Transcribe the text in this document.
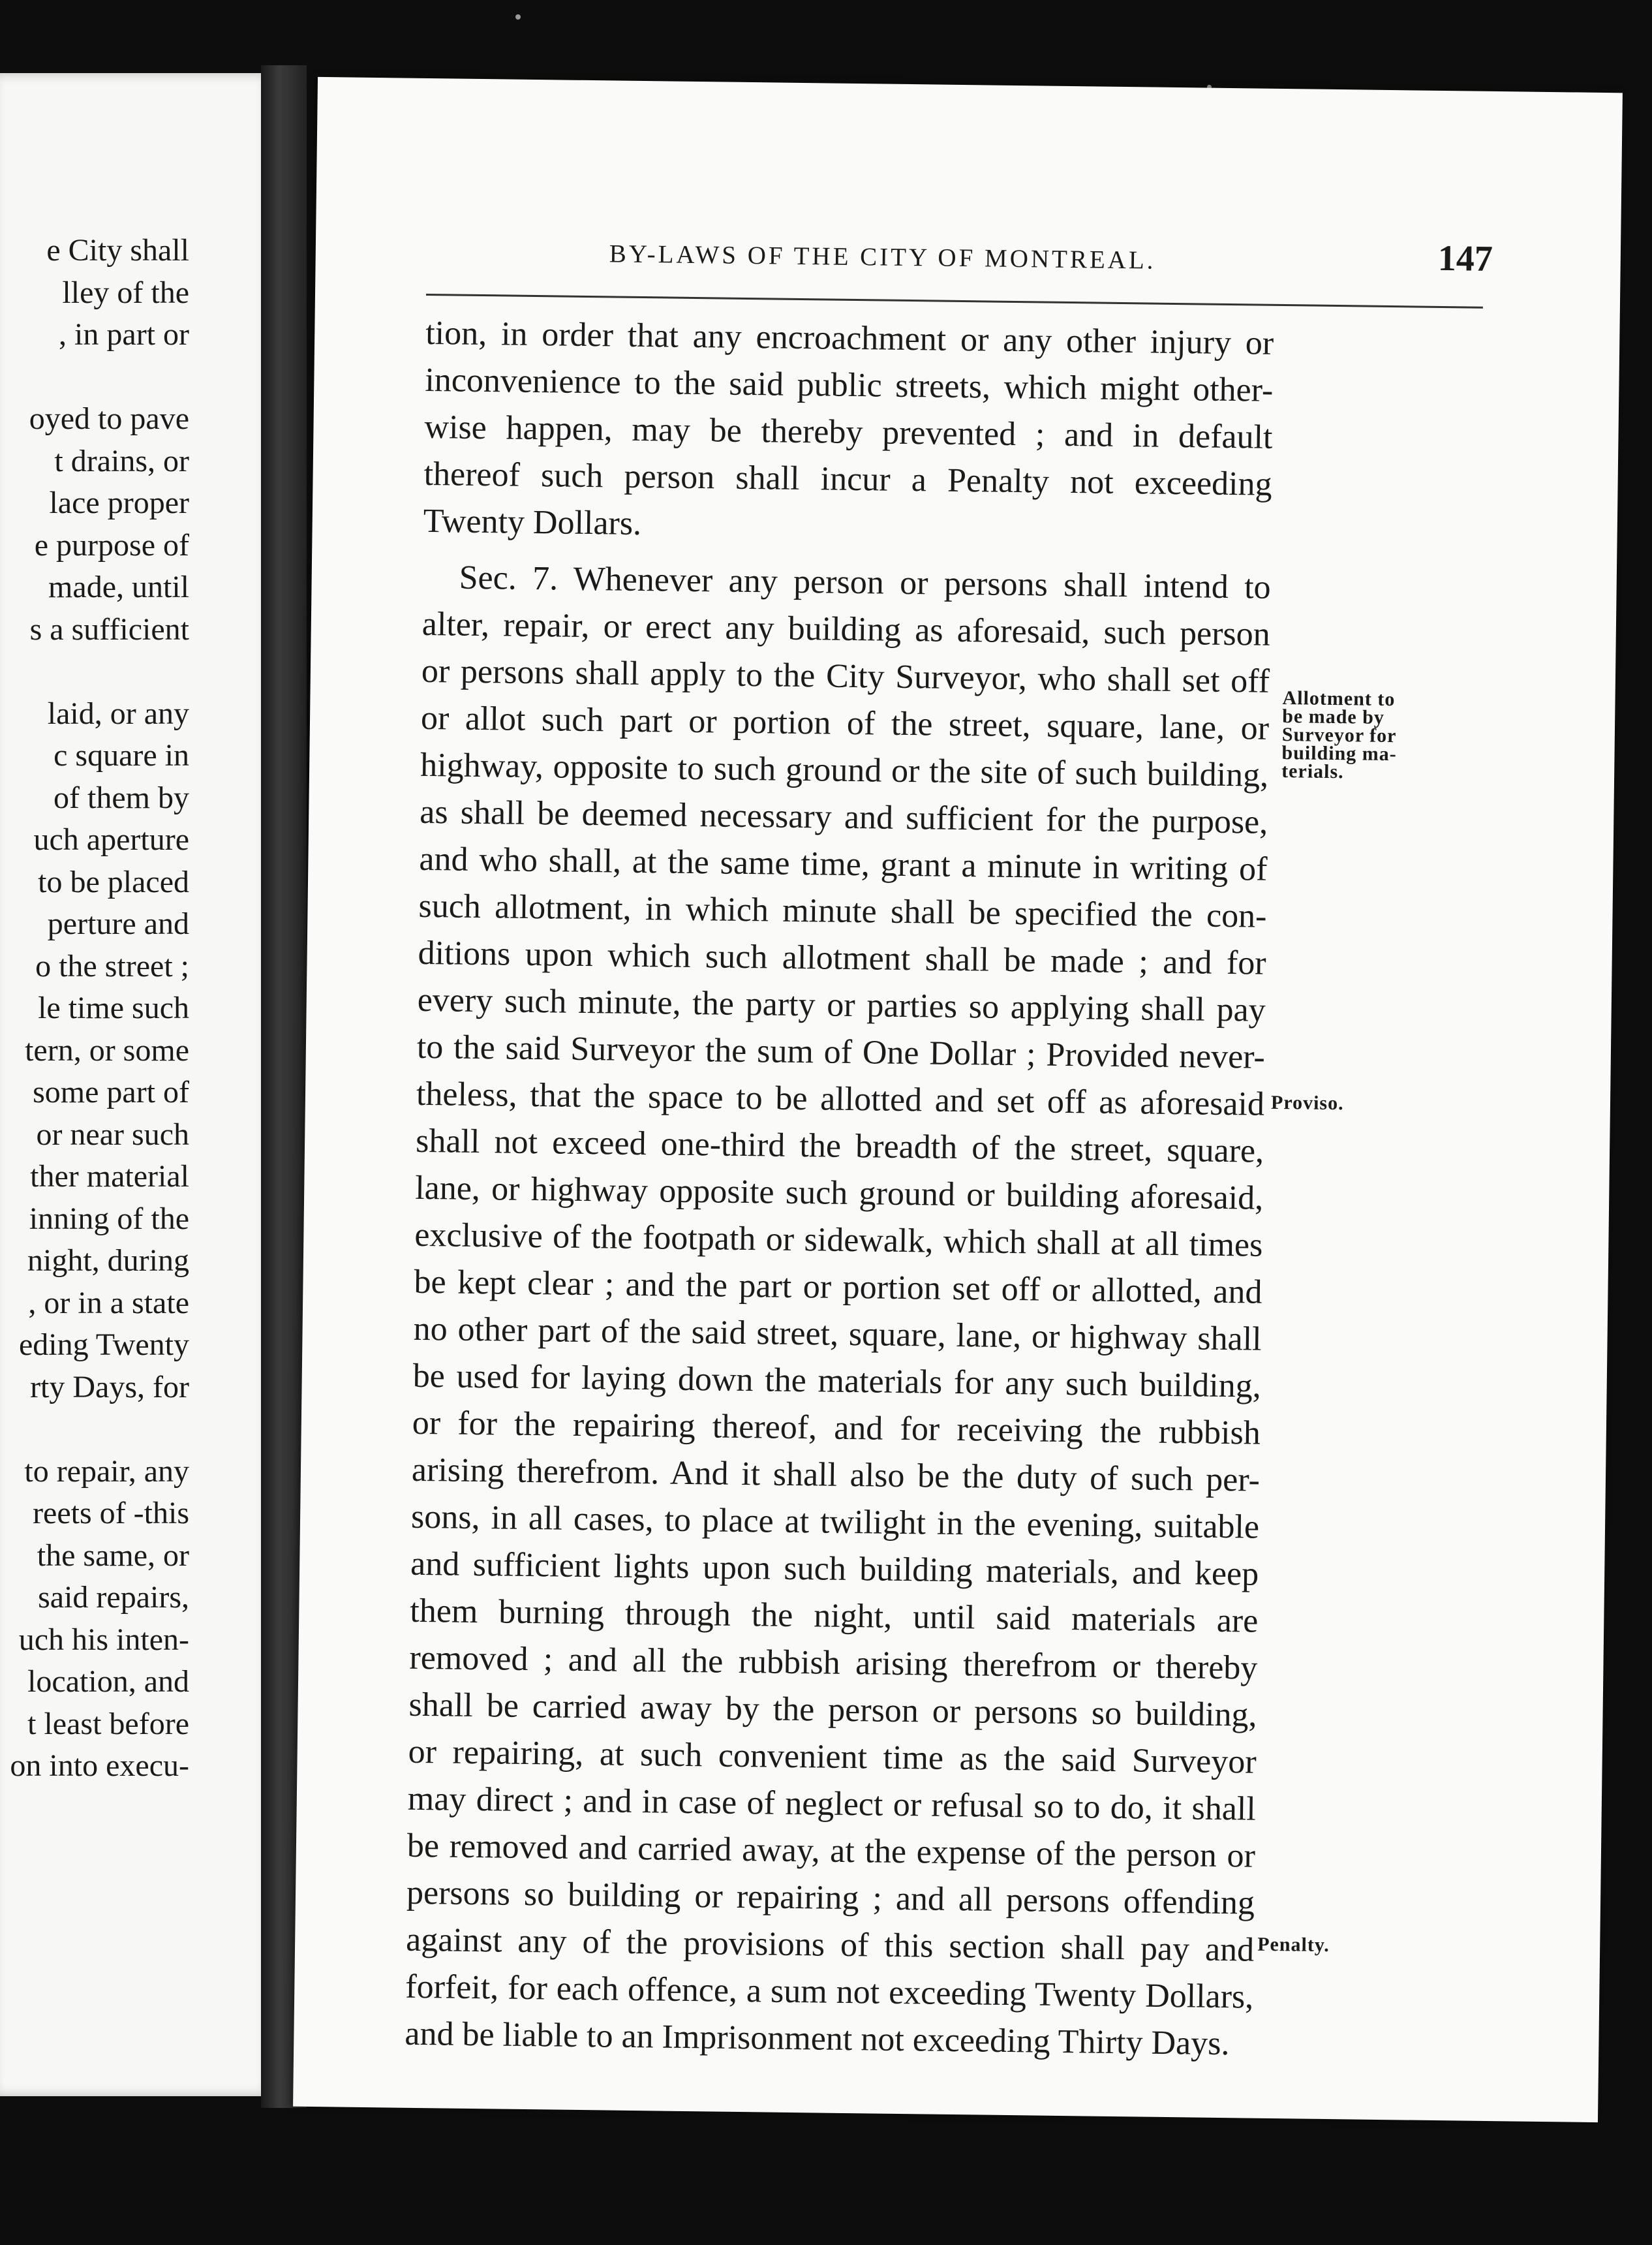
e City shall
lley of the
, in part or
oyed to pave
t drains, or
lace proper
e purpose of
made, until
s a sufficient
laid, or any
c square in
of them by
uch aperture
to be placed
perture and
o the street ;
le time such
tern, or some
some part of
or near such
ther material
inning of the
night, during
, or in a state
eding Twenty
rty Days, for
to repair, any
reets of -this
the same, or
said repairs,
uch his inten-
location, and
t least before
on into execu-
BY-LAWS OF THE CITY OF MONTREAL.	147
tion, in order that any encroachment or any other injury or
inconvenience to the said public streets, which might other-
wise happen, may be thereby prevented ; and in default
thereof such person shall incur a Penalty not exceeding
Twenty Dollars.
Sec. 7. Whenever any person or persons shall intend to
alter, repair, or erect any building as aforesaid, such person
or persons shall apply to the City Surveyor, who shall set off
or allot such part or portion of the street, square, lane, or
highway, opposite to such ground or the site of such building,
as shall be deemed necessary and sufficient for the purpose,
and who shall, at the same time, grant a minute in writing of
such allotment, in which minute shall be specified the con-
ditions upon which such allotment shall be made ; and for
every such minute, the party or parties so applying shall pay
to the said Surveyor the sum of One Dollar ; Provided never-
theless, that the space to be allotted and set off as aforesaid
shall not exceed one-third the breadth of the street, square,
lane, or highway opposite such ground or building aforesaid,
exclusive of the footpath or sidewalk, which shall at all times
be kept clear ; and the part or portion set off or allotted, and
no other part of the said street, square, lane, or highway shall
be used for laying down the materials for any such building,
or for the repairing thereof, and for receiving the rubbish
arising therefrom. And it shall also be the duty of such per-
sons, in all cases, to place at twilight in the evening, suitable
and sufficient lights upon such building materials, and keep
them burning through the night, until said materials are
removed ; and all the rubbish arising therefrom or thereby
shall be carried away by the person or persons so building,
or repairing, at such convenient time as the said Surveyor
may direct ; and in case of neglect or refusal so to do, it shall
be removed and carried away, at the expense of the person or
persons so building or repairing ; and all persons offending
against any of the provisions of this section shall pay and
forfeit, for each offence, a sum not exceeding Twenty Dollars,
and be liable to an Imprisonment not exceeding Thirty Days.
Allotment to
be made by
Surveyor for
building ma-
terials.
Proviso.
Penalty.
